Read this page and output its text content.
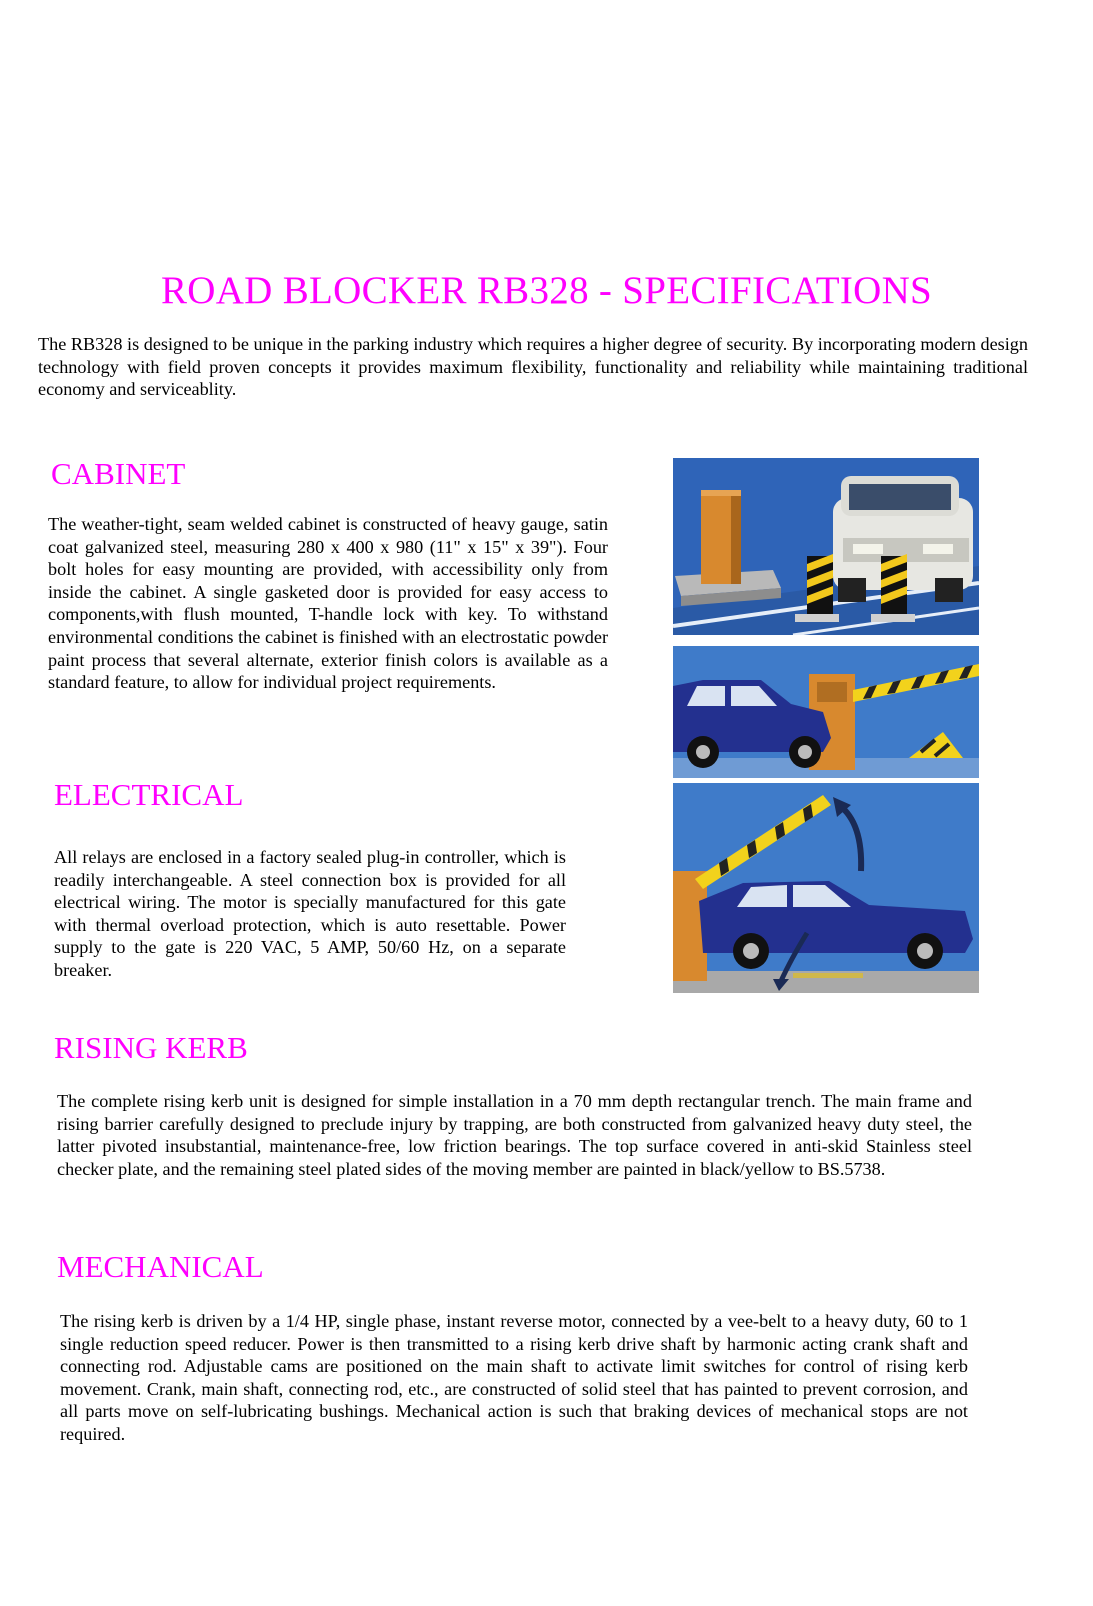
ROAD BLOCKER RB328 - SPECIFICATIONS
The RB328 is designed to be unique in the parking industry which requires a higher degree of security. By incorporating modern design technology with field proven concepts it provides maximum flexibility, functionality and reliability while maintaining traditional economy and serviceablity.
CABINET
The weather-tight, seam welded cabinet is constructed of heavy gauge, satin coat galvanized steel, measuring 280 x 400 x 980 (11" x 15" x 39"). Four bolt holes for easy mounting are provided, with accessibility only from inside the cabinet. A single gasketed door is provided for easy access to components,with flush mounted, T-handle lock with key. To withstand environmental conditions the cabinet is finished with an electrostatic powder paint process that several alternate, exterior finish colors is available as a standard feature, to allow for individual project requirements.
ELECTRICAL
All relays are enclosed in a factory sealed plug-in controller, which is readily interchangeable. A steel connection box is provided for all electrical wiring. The motor is specially manufactured for this gate with thermal overload protection, which is auto resettable. Power supply to the gate is 220 VAC, 5 AMP, 50/60 Hz, on a separate breaker.
RISING KERB
The complete rising kerb unit is designed for simple installation in a 70 mm depth rectangular trench. The main frame and rising barrier carefully designed to preclude injury by trapping, are both constructed from galvanized heavy duty steel, the latter pivoted insubstantial, maintenance-free, low friction bearings. The top surface covered in anti-skid Stainless steel checker plate, and the remaining steel plated sides of the moving member are painted in black/yellow to BS.5738.
MECHANICAL
The rising kerb is driven by a 1/4 HP, single phase, instant reverse motor, connected by a vee-belt to a heavy duty, 60 to 1 single reduction speed reducer. Power is then transmitted to a rising kerb drive shaft by harmonic acting crank shaft and connecting rod. Adjustable cams are positioned on the main shaft to activate limit switches for control of rising kerb movement. Crank, main shaft, connecting rod, etc., are constructed of solid steel that has painted to prevent corrosion, and all parts move on self-lubricating bushings. Mechanical action is such that braking devices of mechanical stops are not required.
